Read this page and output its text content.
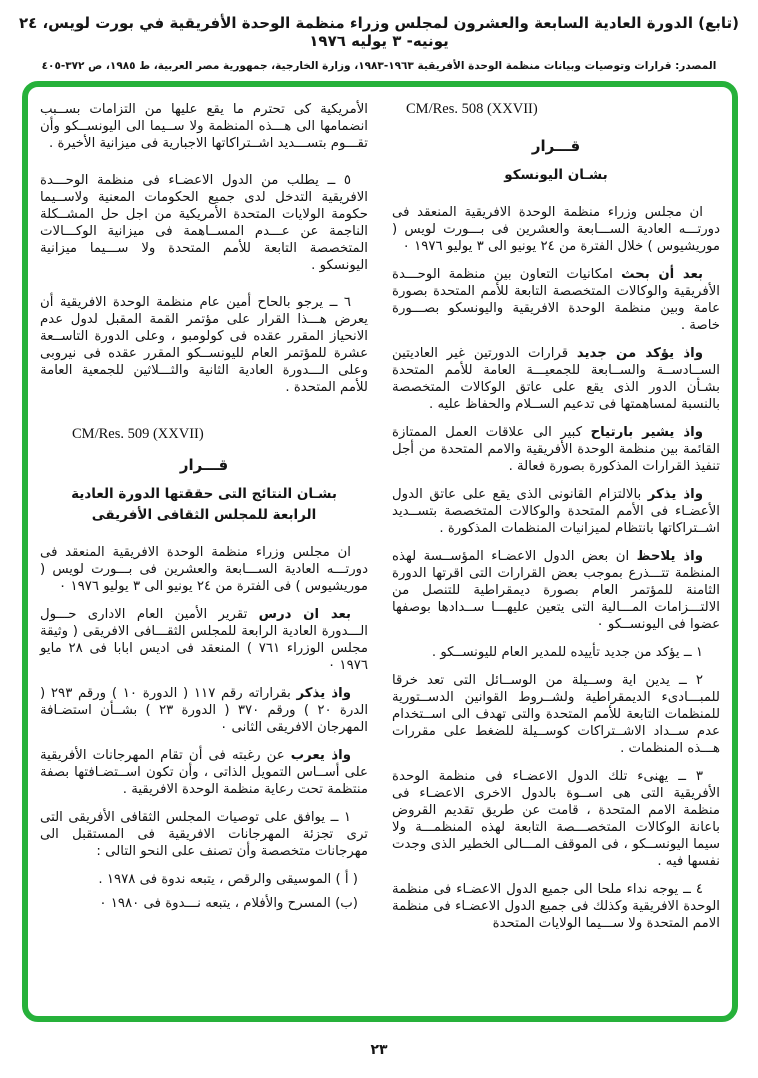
(تابع) الدورة العادية السابعة والعشرون لمجلس وزراء منظمة الوحدة الأفريقية في بورت لويس، ٢٤ يونيه- ٣ يوليه ١٩٧٦
المصدر: قرارات وتوصيات وبيانات منظمة الوحدة الأفريقية ١٩٦٣-١٩٨٣، وزارة الخارجية، جمهورية مصر العربية، ط ١٩٨٥، ص ٣٧٢-٤٠٥
CM/Res. 508 (XXVII)
قـــرار
بشـان اليونسكو

ان مجلس وزراء منظمة الوحدة الافريقية المنعقد فى دورتـــه العادية الســـابعة والعشرين فى بـــورت لويس ( موريشيوس ) خلال الفترة من ٢٤ يونيو الى ٣ يوليو ١٩٧٦ ٠

بعد أن بحث امكانيات التعاون بين منظمة الوحـــدة الأفريقية والوكالات المتخصصة التابعة للأمم المتحدة بصورة عامة وبين منظمة الوحدة الافريقية واليونسكو بصـــورة خاصة .

واذ يؤكد من جديد قرارات الدورتين غير العاديتين الســادســة والســابعة للجمعيـــة العامة للأمم المتحدة بشـأن الدور الذى يقع على عاتق الوكالات المتخصصة بالنسبة لمساهمتها فى تدعيم الســلام والحفاظ عليه .

واذ يشير بارتياح كبير الى علاقات العمل الممتازة القائمة بين منظمة الوحدة الأفريقية والامم المتحدة من أجل تنفيذ القرارات المذكورة بصورة فعالة .

واذ يذكر بالالتزام القانونى الذى يقع على عاتق الدول الأعضـاء فى الأمم المتحدة والوكالات المتخصصة بتســديد اشــتراكاتها بانتظام لميزانيات المنظمات المذكورة .

واذ يلاحظ ان بعض الدول الاعضـاء المؤســسة لهذه المنظمة تتـــذرع بموجب بعض القرارات التى اقرتها الدورة الثامنة للمؤتمر العام بصورة ديمقراطية للتنصل من الالتـــزامات المـــالية التى يتعين عليهـــا ســدادها بوصفها عضوا فى اليونســكو ٠

١ ــ يؤكد من جديد تأييده للمدير العام لليونســكو .

٢ ــ يدين اية وســيلة من الوســائل التى تعد خرقا للمبـــادىء الديمقراطية ولشــروط القوانين الدســتورية للمنظمات التابعة للأمم المتحدة والتى تهدف الى اســتخدام عدم ســداد الاشــتراكات كوســيلة للضغط على مقررات هـــذه المنظمات .

٣ ــ يهنىء تلك الدول الاعضـاء فى منظمة الوحدة الأفريقية التى هى اســوة بالدول الاخرى الاعضـاء فى منظمة الامم المتحدة ، قامت عن طريق تقديم القروض باعانة الوكالات المتخصـــصة التابعة لهذه المنظمـــة ولا سيما اليونســكو ، فى الموقف المـــالى الخطير الذى وجدت نفسها فيه .

٤ ــ يوجه نداء ملحا الى جميع الدول الاعضـاء فى منظمة الوحدة الافريقية وكذلك فى جميع الدول الاعضـاء فى منظمة الامم المتحدة ولا ســـيما الولايات المتحدة

الأمريكية كى تحترم ما يقع عليها من التزامات بســبب انضمامها الى هـــذه المنظمة ولا ســيما الى اليونســكو وأن تقـــوم بتســـديد اشــتراكاتها الاجبارية فى ميزانية الأخيرة .

٥ ــ يطلب من الدول الاعضـاء فى منظمة الوحـــدة الافريقية التدخل لدى جميع الحكومات المعنية ولاســيما حكومة الولايات المتحدة الأمريكية من اجل حل المشــكلة الناجمة عن عـــدم المســاهمة فى ميزانية الوكـــالات المتخصصة التابعة للأمم المتحدة ولا ســـيما ميزانية اليونسكو .

٦ ــ يرجو بالحاح أمين عام منظمة الوحدة الافريقية أن يعرض هـــذا القرار على مؤتمر القمة المقبل لدول عدم الانحياز المقرر عقده فى كولومبو ، وعلى الدورة التاســعة عشرة للمؤتمر العام لليونســكو المقرر عقده فى نيروبى وعلى الـــدورة العادية الثانية والثـــلاثين للجمعية العامة للأمم المتحدة .

CM/Res. 509 (XXVII)
قـــرار
بشـان النتائج التى حققتها الدورة العادية
الرابعة للمجلس الثقافى الأفريقى

ان مجلس وزراء منظمة الوحدة الافريقية المنعقد فى دورتـــه العادية الســـابعة والعشرين فى بـــورت لويس ( موريشيوس ) فى الفترة من ٢٤ يونيو الى ٣ يوليو ١٩٧٦ ٠

بعد ان درس تقرير الأمين العام الادارى حـــول الـــدورة العادية الرابعة للمجلس الثقـــافى الافريقى ( وثيقة مجلس الوزراء ٧٦١ ) المنعقد فى اديس ابابا فى ٢٨ مايو ١٩٧٦ ٠

واذ يذكر بقراراته رقم ١١٧ ( الدورة ١٠ ) ورقم ٢٩٣ ( الدرة ٢٠ ) ورقم ٣٧٠ ( الدورة ٢٣ ) بشــأن استضـافة المهرجان الافريقى الثانى ٠

واذ يعرب عن رغبته فى أن تقام المهرجانات الأفريقية على أســاس التمويل الذاتى ، وأن تكون اســتضـافتها بصفة منتظمة تحت رعاية منظمة الوحدة الافريقية .

١ ــ يوافق على توصيات المجلس الثقافى الأفريقى التى ترى تجزئة المهرجانات الافريقية فى المستقبل الى مهرجانات متخصصة وأن تصنف على النحو التالى :

( أ ) الموسيقى والرقص ، يتبعه ندوة فى ١٩٧٨ .

(ب) المسرح والأفلام ، يتبعه نـــدوة فى ١٩٨٠ ٠

٢٣
